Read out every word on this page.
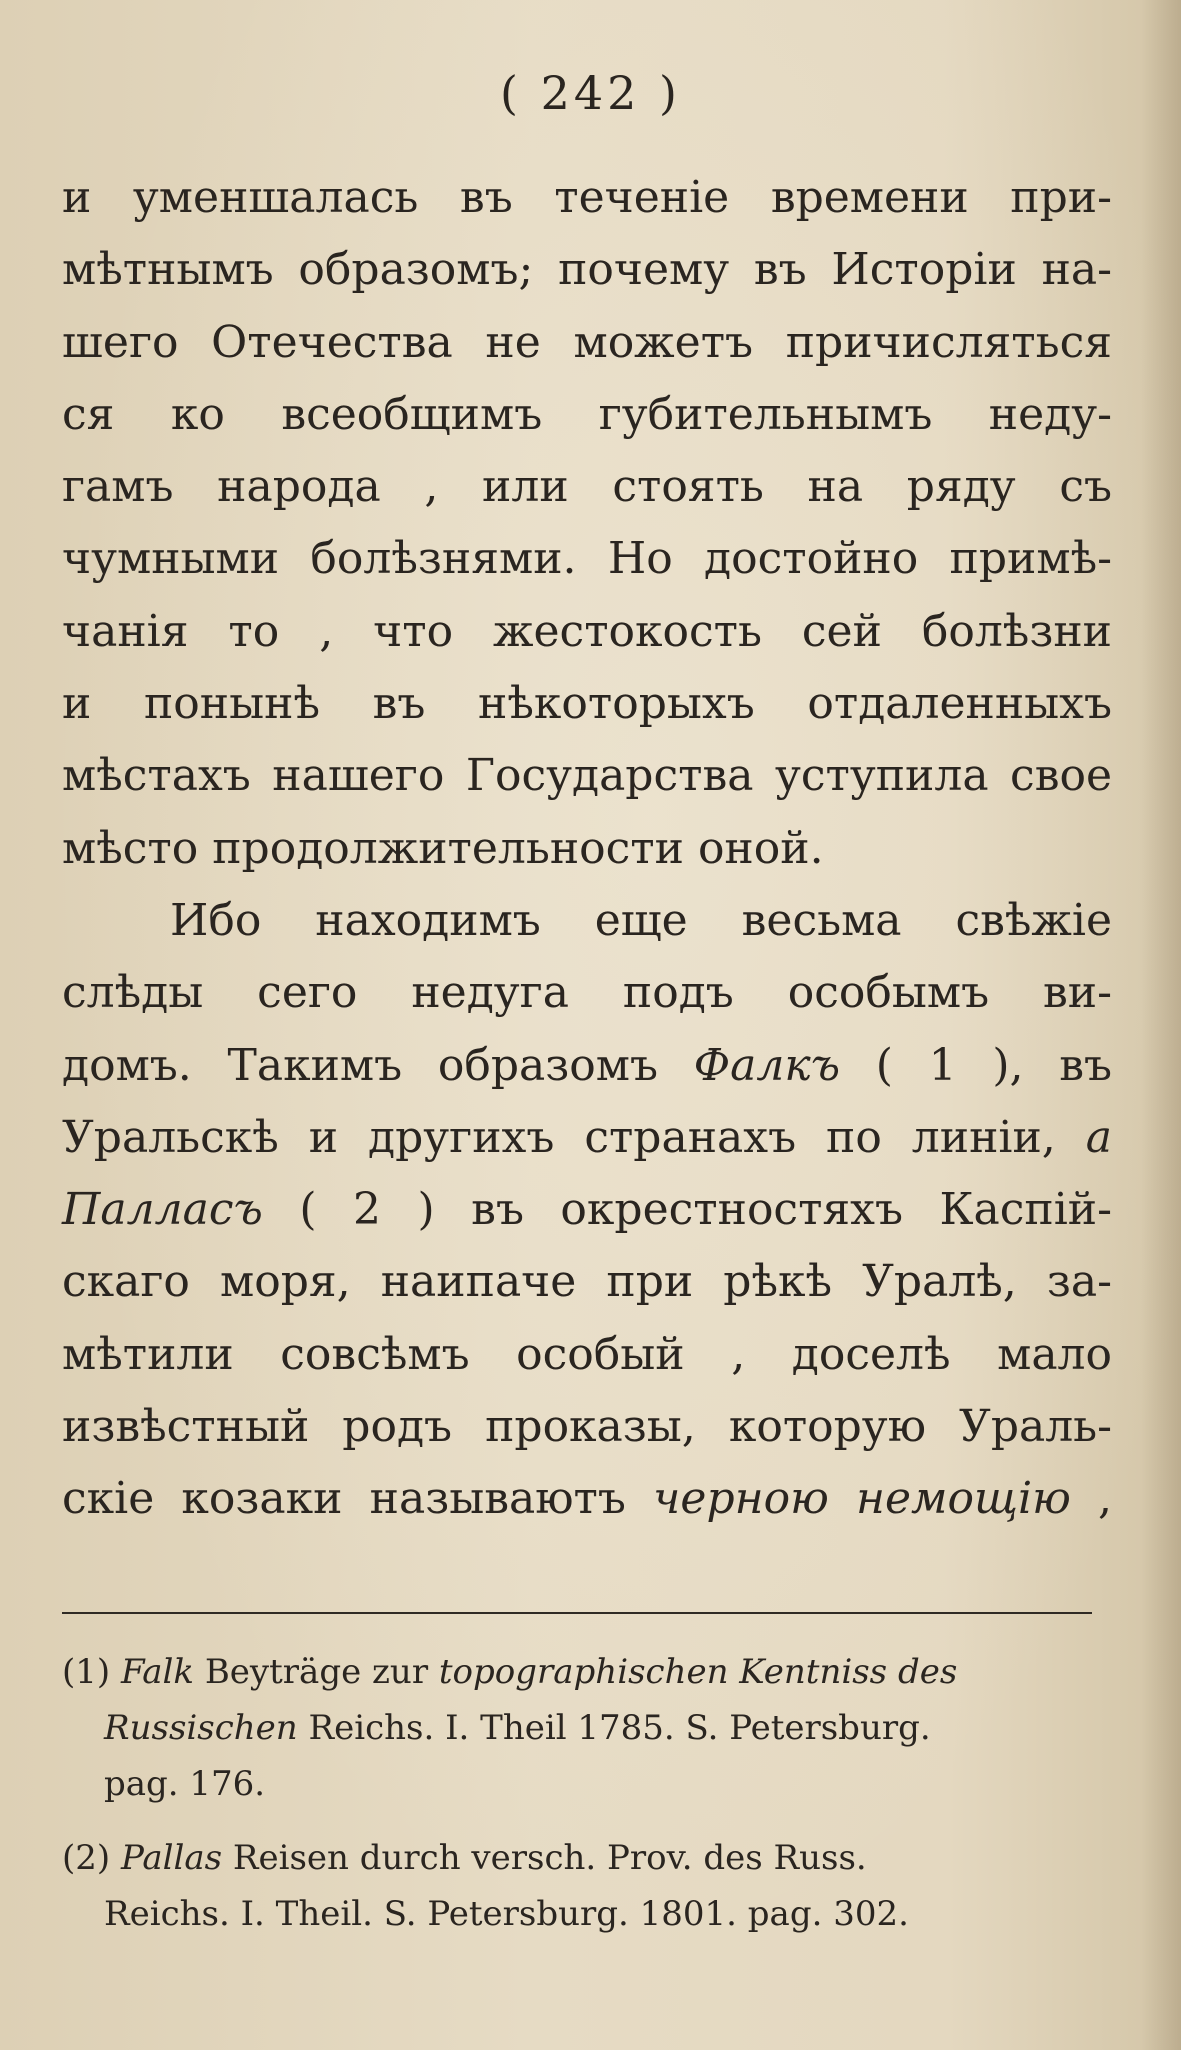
( 242 )
и уменшалась въ теченіе времени при-
мѣтнымъ образомъ; почему въ Исторіи на-
шего Отечества не можетъ причисляться
ся ко всеобщимъ губительнымъ неду-
гамъ народа , или стоять на ряду съ
чумными болѣзнями. Но достойно примѣ-
чанія то , что жестокость сей болѣзни
и понынѣ въ нѣкоторыхъ отдаленныхъ
мѣстахъ нашего Государства уступила свое
мѣсто продолжительности оной.
Ибо находимъ еще весьма свѣжіе
слѣды сего недуга подъ особымъ ви-
домъ. Такимъ образомъ Фалкъ ( 1 ), въ
Уральскѣ и другихъ странахъ по линіи, а
Палласъ ( 2 ) въ окрестностяхъ Каспій-
скаго моря, наипаче при рѣкѣ Уралѣ, за-
мѣтили совсѣмъ особый , доселѣ мало
извѣстный родъ проказы, которую Ураль-
скіе козаки называютъ черною немощію ,
(1) Falk Beyträge zur topographischen Kentniss des
Russischen Reichs. I. Theil 1785. S. Petersburg.
pag. 176.
(2) Pallas Reisen durch versch. Prov. des Russ.
Reichs. I. Theil. S. Petersburg. 1801. pag. 302.
